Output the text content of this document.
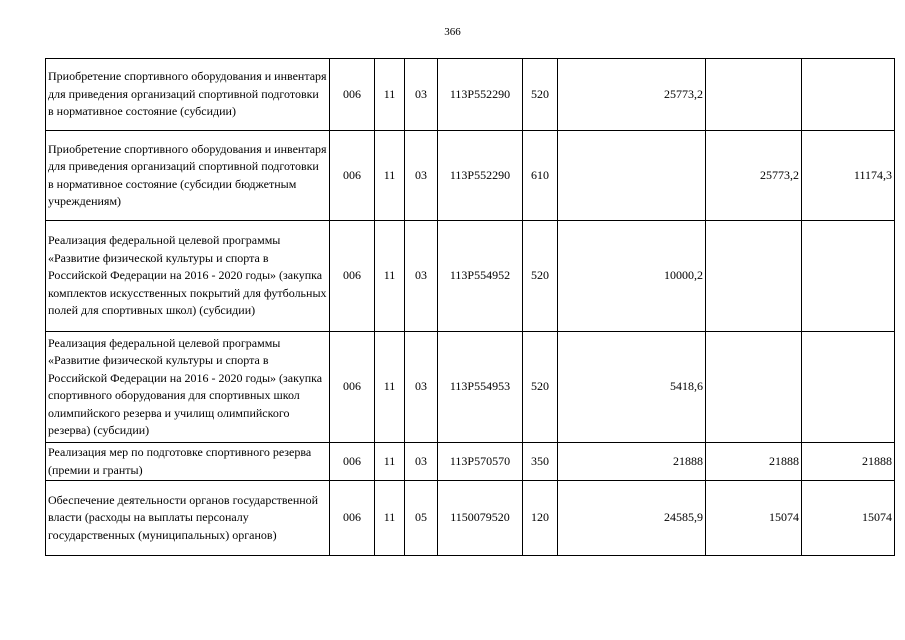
366
Приобретение спортивного оборудования и инвентаря для приведения организаций спортивной подготовки в нормативное состояние (субсидии)	006	11	03	113P552290	520	25773,2		
Приобретение спортивного оборудования и инвентаря для приведения организаций спортивной подготовки в нормативное состояние (субсидии бюджетным учреждениям)	006	11	03	113P552290	610		25773,2	11174,3
Реализация федеральной целевой программы «Развитие физической культуры и спорта в Российской Федерации на 2016 - 2020 годы» (закупка комплектов искусственных покрытий для футбольных полей для спортивных школ) (субсидии)	006	11	03	113P554952	520	10000,2		
Реализация федеральной целевой программы «Развитие физической культуры и спорта в Российской Федерации на 2016 - 2020 годы» (закупка спортивного оборудования для спортивных школ олимпийского резерва и училищ олимпийского резерва) (субсидии)	006	11	03	113P554953	520	5418,6		
Реализация мер по подготовке спортивного резерва (премии и гранты)	006	11	03	113P570570	350	21888	21888	21888
Обеспечение деятельности органов государственной власти (расходы на выплаты персоналу государственных (муниципальных) органов)	006	11	05	1150079520	120	24585,9	15074	15074
